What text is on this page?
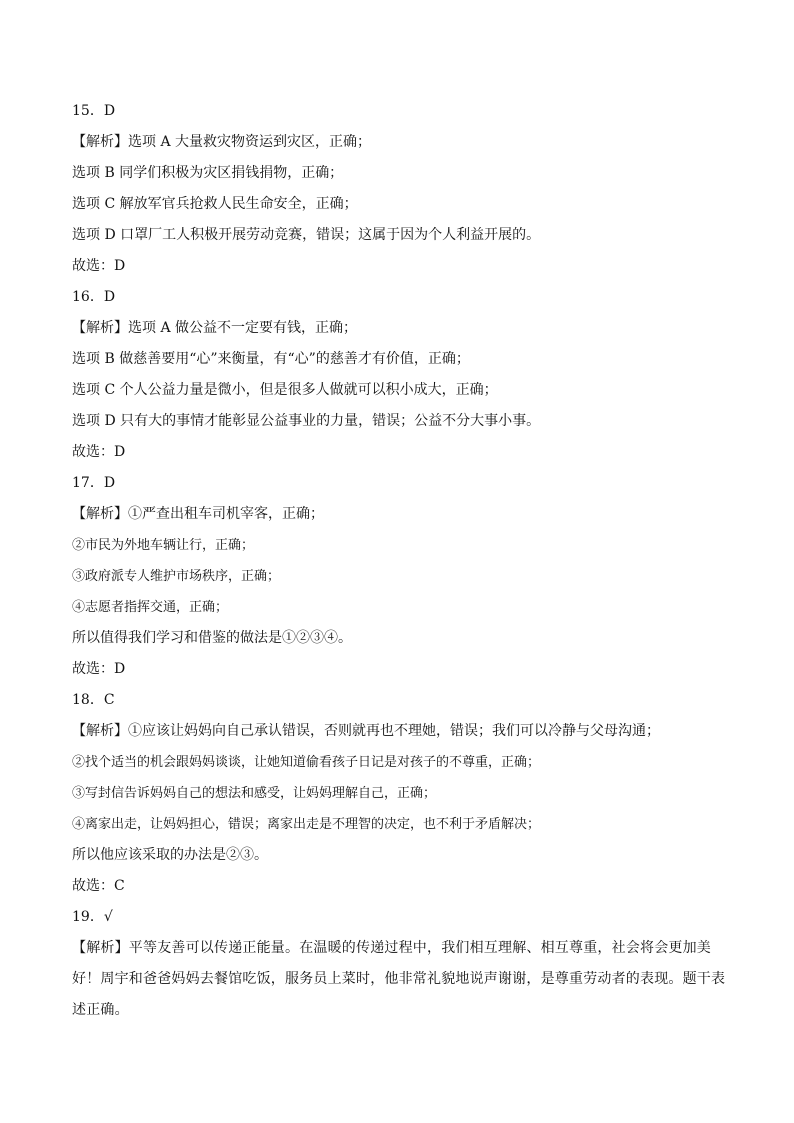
15．D
【解析】选项 A 大量救灾物资运到灾区，正确；
选项 B 同学们积极为灾区捐钱捐物，正确；
选项 C 解放军官兵抢救人民生命安全，正确；
选项 D 口罩厂工人积极开展劳动竞赛，错误；这属于因为个人利益开展的。
故选：D
16．D
【解析】选项 A 做公益不一定要有钱，正确；
选项 B 做慈善要用“心”来衡量，有“心”的慈善才有价值，正确；
选项 C 个人公益力量是微小，但是很多人做就可以积小成大，正确；
选项 D 只有大的事情才能彰显公益事业的力量，错误；公益不分大事小事。
故选：D
17．D
【解析】①严查出租车司机宰客，正确；
②市民为外地车辆让行，正确；
③政府派专人维护市场秩序，正确；
④志愿者指挥交通，正确；
所以值得我们学习和借鉴的做法是①②③④。
故选：D
18．C
【解析】①应该让妈妈向自己承认错误，否则就再也不理她，错误；我们可以冷静与父母沟通；
②找个适当的机会跟妈妈谈谈，让她知道偷看孩子日记是对孩子的不尊重，正确；
③写封信告诉妈妈自己的想法和感受，让妈妈理解自己，正确；
④离家出走，让妈妈担心，错误；离家出走是不理智的决定，也不利于矛盾解决；
所以他应该采取的办法是②③。
故选：C
19．√
【解析】平等友善可以传递正能量。在温暖的传递过程中，我们相互理解、相互尊重，社会将会更加美好！周宇和爸爸妈妈去餐馆吃饭，服务员上菜时，他非常礼貌地说声谢谢，是尊重劳动者的表现。题干表述正确。
